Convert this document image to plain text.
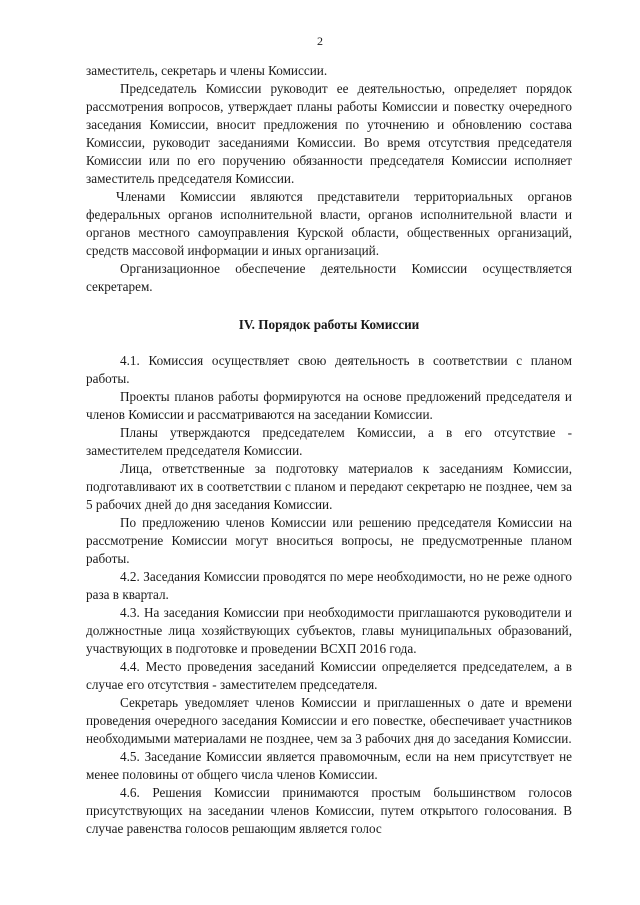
2

заместитель, секретарь и члены Комиссии.

Председатель Комиссии руководит ее деятельностью, определяет порядок рассмотрения вопросов, утверждает планы работы Комиссии и повестку очередного заседания Комиссии, вносит предложения по уточнению и обновлению состава Комиссии, руководит заседаниями Комиссии. Во время отсутствия председателя Комиссии или по его поручению обязанности председателя Комиссии исполняет заместитель председателя Комиссии.

Членами Комиссии являются представители территориальных органов федеральных органов исполнительной власти, органов исполнительной власти и органов местного самоуправления Курской области, общественных организаций, средств массовой информации и иных организаций.

Организационное обеспечение деятельности Комиссии осуществляется секретарем.

IV. Порядок работы Комиссии

4.1. Комиссия осуществляет свою деятельность в соответствии с планом работы.

Проекты планов работы формируются на основе предложений председателя и членов Комиссии и рассматриваются на заседании Комиссии.

Планы утверждаются председателем Комиссии, а в его отсутствие - заместителем председателя Комиссии.

Лица, ответственные за подготовку материалов к заседаниям Комиссии, подготавливают их в соответствии с планом и передают секретарю не позднее, чем за 5 рабочих дней до дня заседания Комиссии.

По предложению членов Комиссии или решению председателя Комиссии на рассмотрение Комиссии могут вноситься вопросы, не предусмотренные планом работы.

4.2. Заседания Комиссии проводятся по мере необходимости, но не реже одного раза в квартал.

4.3. На заседания Комиссии при необходимости приглашаются руководители и должностные лица хозяйствующих субъектов, главы муниципальных образований, участвующих в подготовке и проведении ВСХП 2016 года.

4.4. Место проведения заседаний Комиссии определяется председателем, а в случае его отсутствия - заместителем председателя.

Секретарь уведомляет членов Комиссии и приглашенных о дате и времени проведения очередного заседания Комиссии и его повестке, обеспечивает участников необходимыми материалами не позднее, чем за 3 рабочих дня до заседания Комиссии.

4.5. Заседание Комиссии является правомочным, если на нем присутствует не менее половины от общего числа членов Комиссии.

4.6. Решения Комиссии принимаются простым большинством голосов присутствующих на заседании членов Комиссии, путем открытого голосования. В случае равенства голосов решающим является голос
